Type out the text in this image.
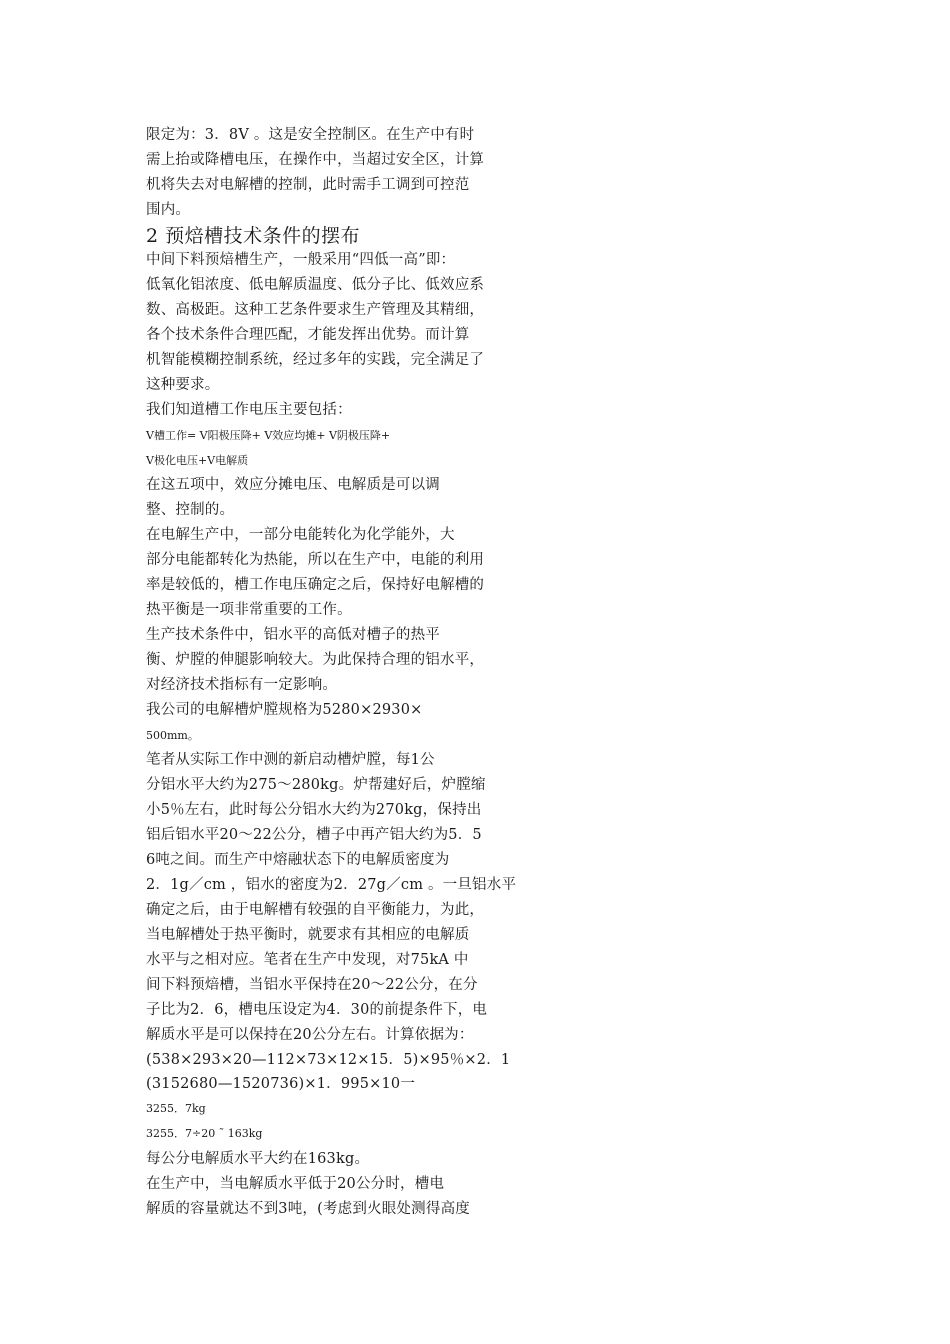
限定为：3．8V 。这是安全控制区。在生产中有时
需上抬或降槽电压，在操作中，当超过安全区，计算
机将失去对电解槽的控制，此时需手工调到可控范
围内。
2 预焙槽技术条件的摆布
中间下料预焙槽生产，一般采用“四低一高”即：
低氧化铝浓度、低电解质温度、低分子比、低效应系
数、高极距。这种工艺条件要求生产管理及其精细，
各个技术条件合理匹配，才能发挥出优势。而计算
机智能模糊控制系统，经过多年的实践，完全满足了
这种要求。
我们知道槽工作电压主要包括：
V槽工作= V阳极压降+ V效应均摊+ V阴极压降+
V极化电压+V电解质
在这五项中，效应分摊电压、电解质是可以调
整、控制的。
在电解生产中，一部分电能转化为化学能外，大
部分电能都转化为热能，所以在生产中，电能的利用
率是较低的，槽工作电压确定之后，保持好电解槽的
热平衡是一项非常重要的工作。
生产技术条件中，铝水平的高低对槽子的热平
衡、炉膛的伸腿影响较大。为此保持合理的铝水平，
对经济技术指标有一定影响。
我公司的电解槽炉膛规格为5280×2930×
500mm。
笔者从实际工作中测的新启动槽炉膛，每1公
分铝水平大约为275～280kg。炉帮建好后，炉膛缩
小5％左右，此时每公分铝水大约为270kg，保持出
铝后铝水平20～22公分，槽子中再产铝大约为5．5
6吨之间。而生产中熔融状态下的电解质密度为
2．1g／cm ，铝水的密度为2．27g／cm 。一旦铝水平
确定之后，由于电解槽有较强的自平衡能力，为此，
当电解槽处于热平衡时，就要求有其相应的电解质
水平与之相对应。笔者在生产中发现，对75kA 中
间下料预焙槽，当铝水平保持在20～22公分，在分
子比为2．6，槽电压设定为4．30的前提条件下，电
解质水平是可以保持在20公分左右。计算依据为：
(538×293×20—112×73×12×15．5)×95％×2．1
(3152680—1520736)×1．995×10一
3255．7kg
3255．7÷20 ˜ 163kg
每公分电解质水平大约在163kg。
在生产中，当电解质水平低于20公分时，槽电
解质的容量就达不到3吨，(考虑到火眼处测得高度
